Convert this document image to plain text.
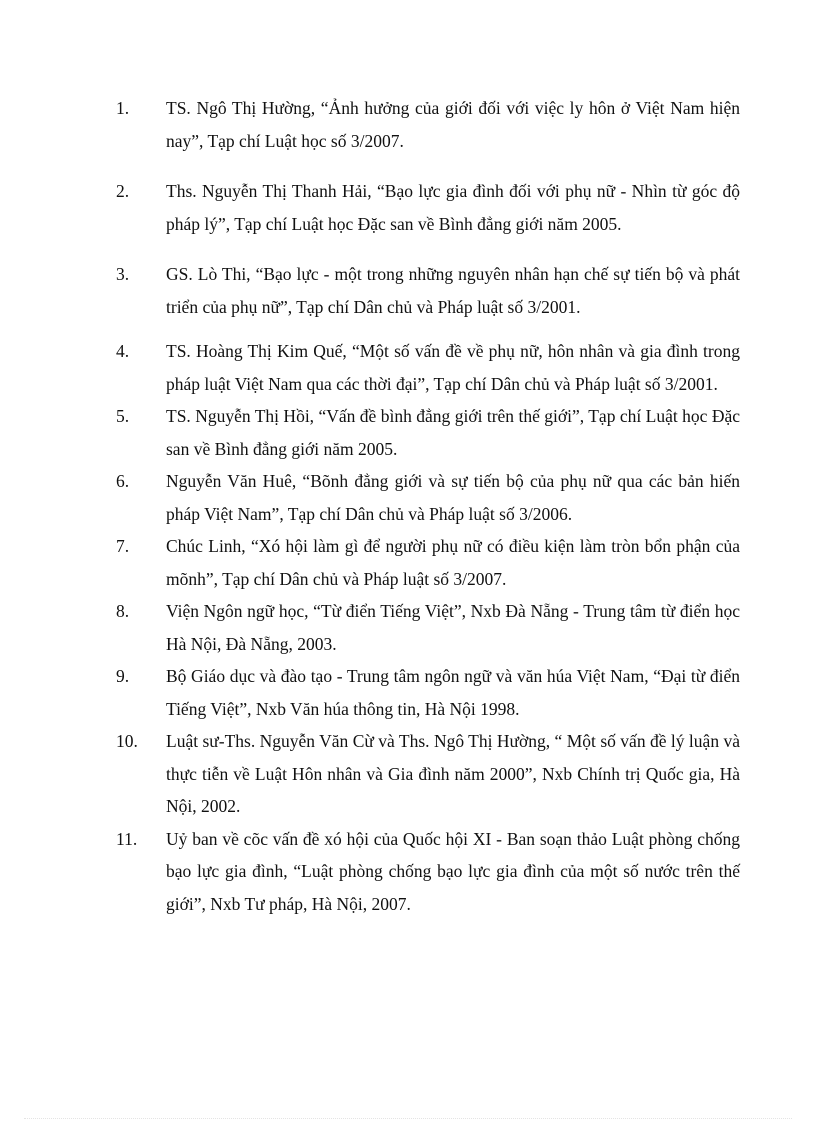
1.	TS. Ngô Thị Hường, “Ảnh hưởng của giới đối với việc ly hôn ở Việt Nam hiện nay”, Tạp chí Luật học số 3/2007.
2.	Ths. Nguyễn Thị Thanh Hải, “Bạo lực gia đình đối với phụ nữ - Nhìn từ góc độ pháp lý”, Tạp chí Luật học Đặc san về Bình đẳng giới năm 2005.
3.	GS. Lò Thi, “Bạo lực - một trong những nguyên nhân hạn chế sự tiến bộ và phát triển của phụ nữ”, Tạp chí Dân chủ và Pháp luật số 3/2001.
4.	TS. Hoàng Thị Kim Quế, “Một số vấn đề về phụ nữ, hôn nhân và gia đình trong pháp luật Việt Nam qua các thời đại”, Tạp chí Dân chủ và Pháp luật số 3/2001.
5.	TS. Nguyễn Thị Hồi, “Vấn đề bình đẳng giới trên thế giới”, Tạp chí Luật học Đặc san về Bình đẳng giới năm 2005.
6.	Nguyễn Văn Huê, “Bõnh đẳng giới và sự tiến bộ của phụ nữ qua các bản hiến pháp Việt Nam”, Tạp chí Dân chủ và Pháp luật số 3/2006.
7.	Chúc Linh, “Xó hội làm gì để người phụ nữ có điều kiện làm tròn bổn phận của mõnh”, Tạp chí Dân chủ và Pháp luật số 3/2007.
8.	Viện Ngôn ngữ học, “Từ điển Tiếng Việt”, Nxb Đà Nẵng - Trung tâm từ điển học Hà Nội, Đà Nẵng, 2003.
9.	Bộ Giáo dục và đào tạo - Trung tâm ngôn ngữ và văn húa Việt Nam, “Đại từ điển Tiếng Việt”, Nxb Văn húa thông tin, Hà Nội 1998.
10.	Luật sư-Ths. Nguyễn Văn Cừ và Ths. Ngô Thị Hường, “ Một số vấn đề lý luận và thực tiễn về Luật Hôn nhân và Gia đình năm 2000”, Nxb Chính trị Quốc gia, Hà Nội, 2002.
11.	Uỷ ban về cõc vấn đề xó hội của Quốc hội XI - Ban soạn thảo Luật phòng chống bạo lực gia đình, “Luật phòng chống bạo lực gia đình của một số nước trên thế giới”, Nxb Tư pháp, Hà Nội, 2007.
